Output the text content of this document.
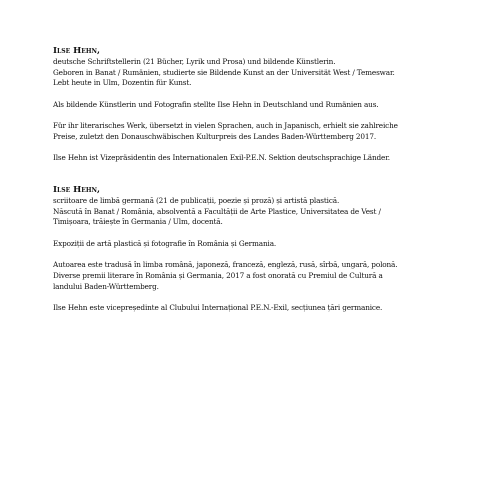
Ilse Hehn,
deutsche Schriftstellerin (21 Bücher, Lyrik und Prosa) und bildende Künstlerin.
Geboren in Banat / Rumänien, studierte sie Bildende Kunst an der Universität West / Temeswar.
Lebt heute in Ulm, Dozentin für Kunst.
Als bildende Künstlerin und Fotografin stellte Ilse Hehn in Deutschland und Rumänien aus.
Für ihr literarisches Werk, übersetzt in vielen Sprachen, auch in Japanisch, erhielt sie zahlreiche
Preise, zuletzt den Donauschwäbischen Kulturpreis des Landes Baden-Württemberg 2017.
Ilse Hehn ist Vizepräsidentin des Internationalen Exil-P.E.N. Sektion deutschsprachige Länder.
Ilse Hehn,
scriitoare de limbă germană (21 de publicații, poezie și proză) și artistă plastică.
Născută în Banat / România, absolventă a Facultății de Arte Plastice, Universitatea de Vest /
Timișoara, trăiește în Germania / Ulm, docentă.
Expoziții de artă plastică și fotografie în România și Germania.
Autoarea este tradusă în limba română, japoneză, franceză, engleză, rusă, sîrbă, ungară, polonă.
Diverse premii literare în România și Germania, 2017 a fost onorată cu Premiul de Cultură a
landului Baden-Württemberg.
Ilse Hehn este vicepreședinte al Clubului Internațional P.E.N.-Exil, secțiunea țări germanice.
